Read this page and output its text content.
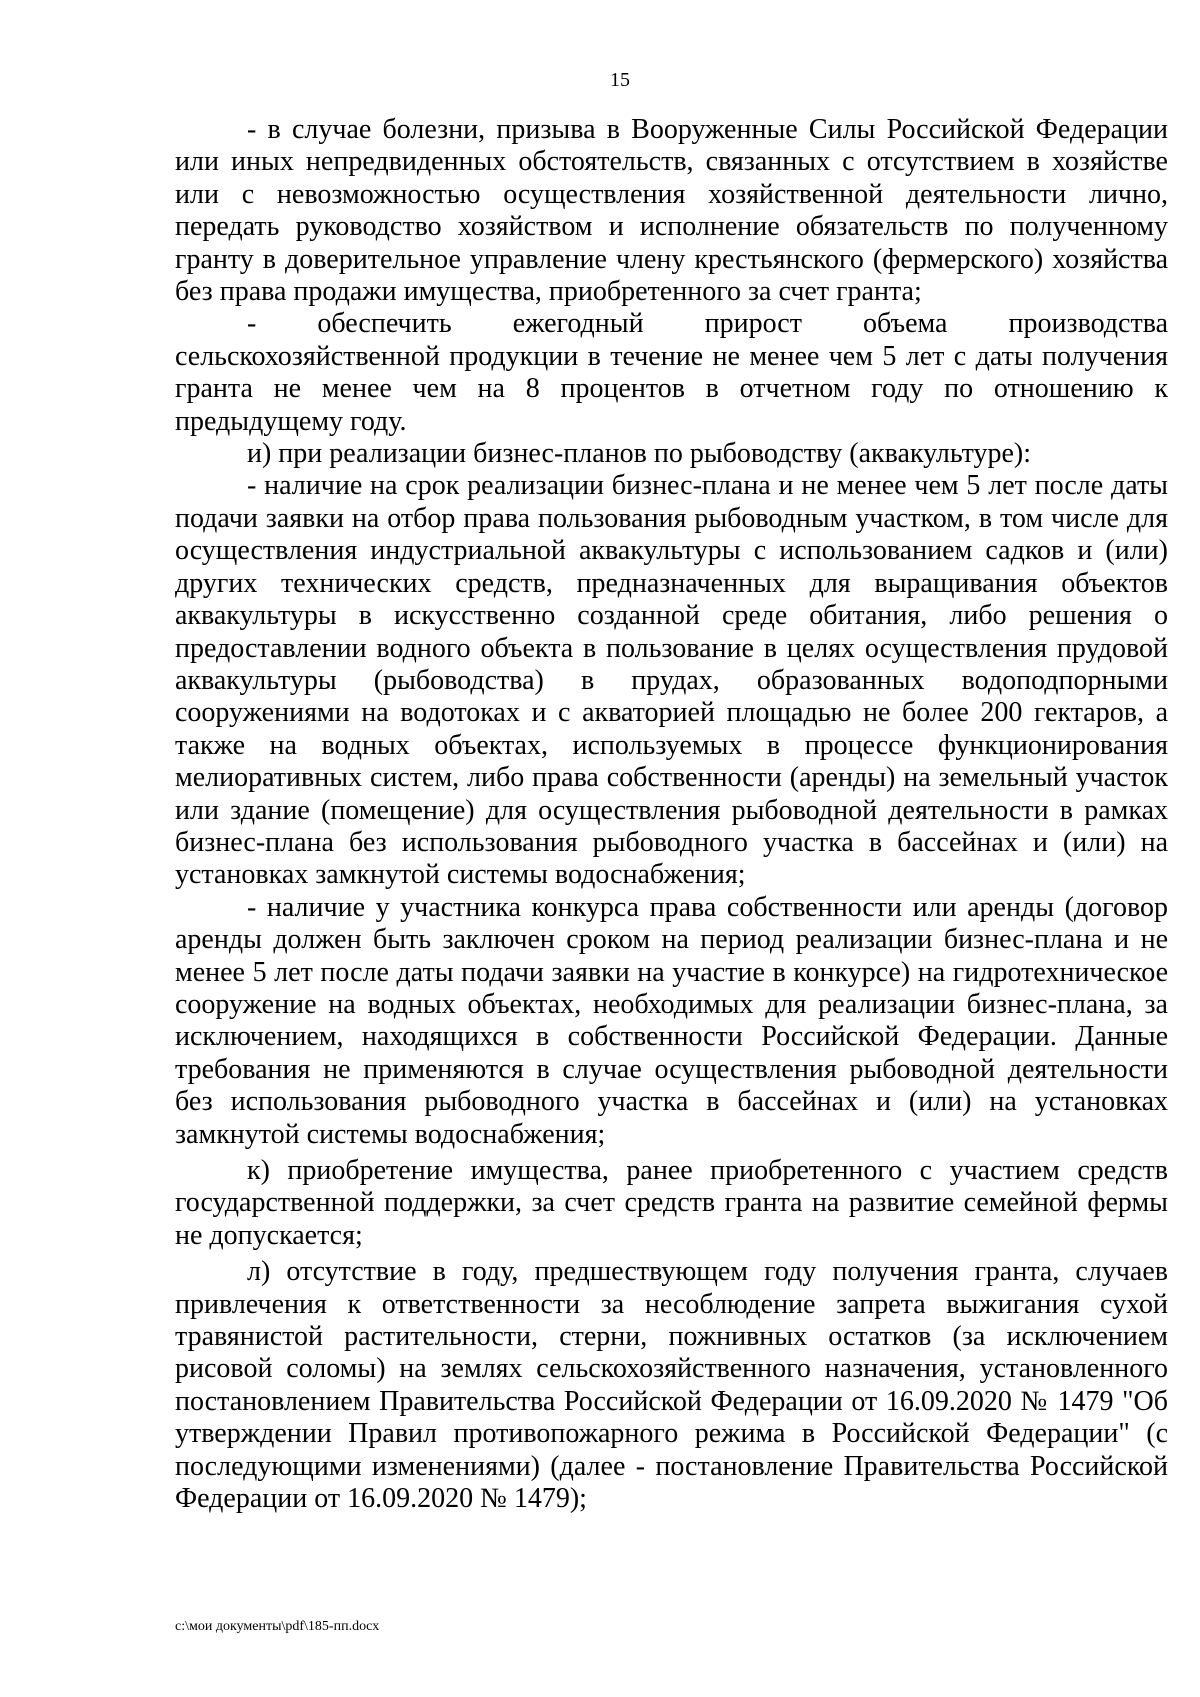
15

- в случае болезни, призыва в Вооруженные Силы Российской Федерации или иных непредвиденных обстоятельств, связанных с отсутствием в хозяйстве или с невозможностью осуществления хозяйственной деятельности лично, передать руководство хозяйством и исполнение обязательств по полученному гранту в доверительное управление члену крестьянского (фермерского) хозяйства без права продажи имущества, приобретенного за счет гранта;

- обеспечить ежегодный прирост объема производства сельскохозяйственной продукции в течение не менее чем 5 лет с даты получения гранта не менее чем на 8 процентов в отчетном году по отношению к предыдущему году.

и) при реализации бизнес-планов по рыбоводству (аквакультуре):

- наличие на срок реализации бизнес-плана и не менее чем 5 лет после даты подачи заявки на отбор права пользования рыбоводным участком, в том числе для осуществления индустриальной аквакультуры с использованием садков и (или) других технических средств, предназначенных для выращивания объектов аквакультуры в искусственно созданной среде обитания, либо решения о предоставлении водного объекта в пользование в целях осуществления прудовой аквакультуры (рыбоводства) в прудах, образованных водоподпорными сооружениями на водотоках и с акваторией площадью не более 200 гектаров, а также на водных объектах, используемых в процессе функционирования мелиоративных систем, либо права собственности (аренды) на земельный участок или здание (помещение) для осуществления рыбоводной деятельности в рамках бизнес-плана без использования рыбоводного участка в бассейнах и (или) на установках замкнутой системы водоснабжения;

- наличие у участника конкурса права собственности или аренды (договор аренды должен быть заключен сроком на период реализации бизнес-плана и не менее 5 лет после даты подачи заявки на участие в конкурсе) на гидротехническое сооружение на водных объектах, необходимых для реализации бизнес-плана, за исключением, находящихся в собственности Российской Федерации. Данные требования не применяются в случае осуществления рыбоводной деятельности без использования рыбоводного участка в бассейнах и (или) на установках замкнутой системы водоснабжения;

к) приобретение имущества, ранее приобретенного с участием средств государственной поддержки, за счет средств гранта на развитие семейной фермы не допускается;

л) отсутствие в году, предшествующем году получения гранта, случаев привлечения к ответственности за несоблюдение запрета выжигания сухой травянистой растительности, стерни, пожнивных остатков (за исключением рисовой соломы) на землях сельскохозяйственного назначения, установленного постановлением Правительства Российской Федерации от 16.09.2020 № 1479 "Об утверждении Правил противопожарного режима в Российской Федерации" (с последующими изменениями) (далее - постановление Правительства Российской Федерации от 16.09.2020 № 1479);

c:\мои документы\pdf\185-пп.docx
